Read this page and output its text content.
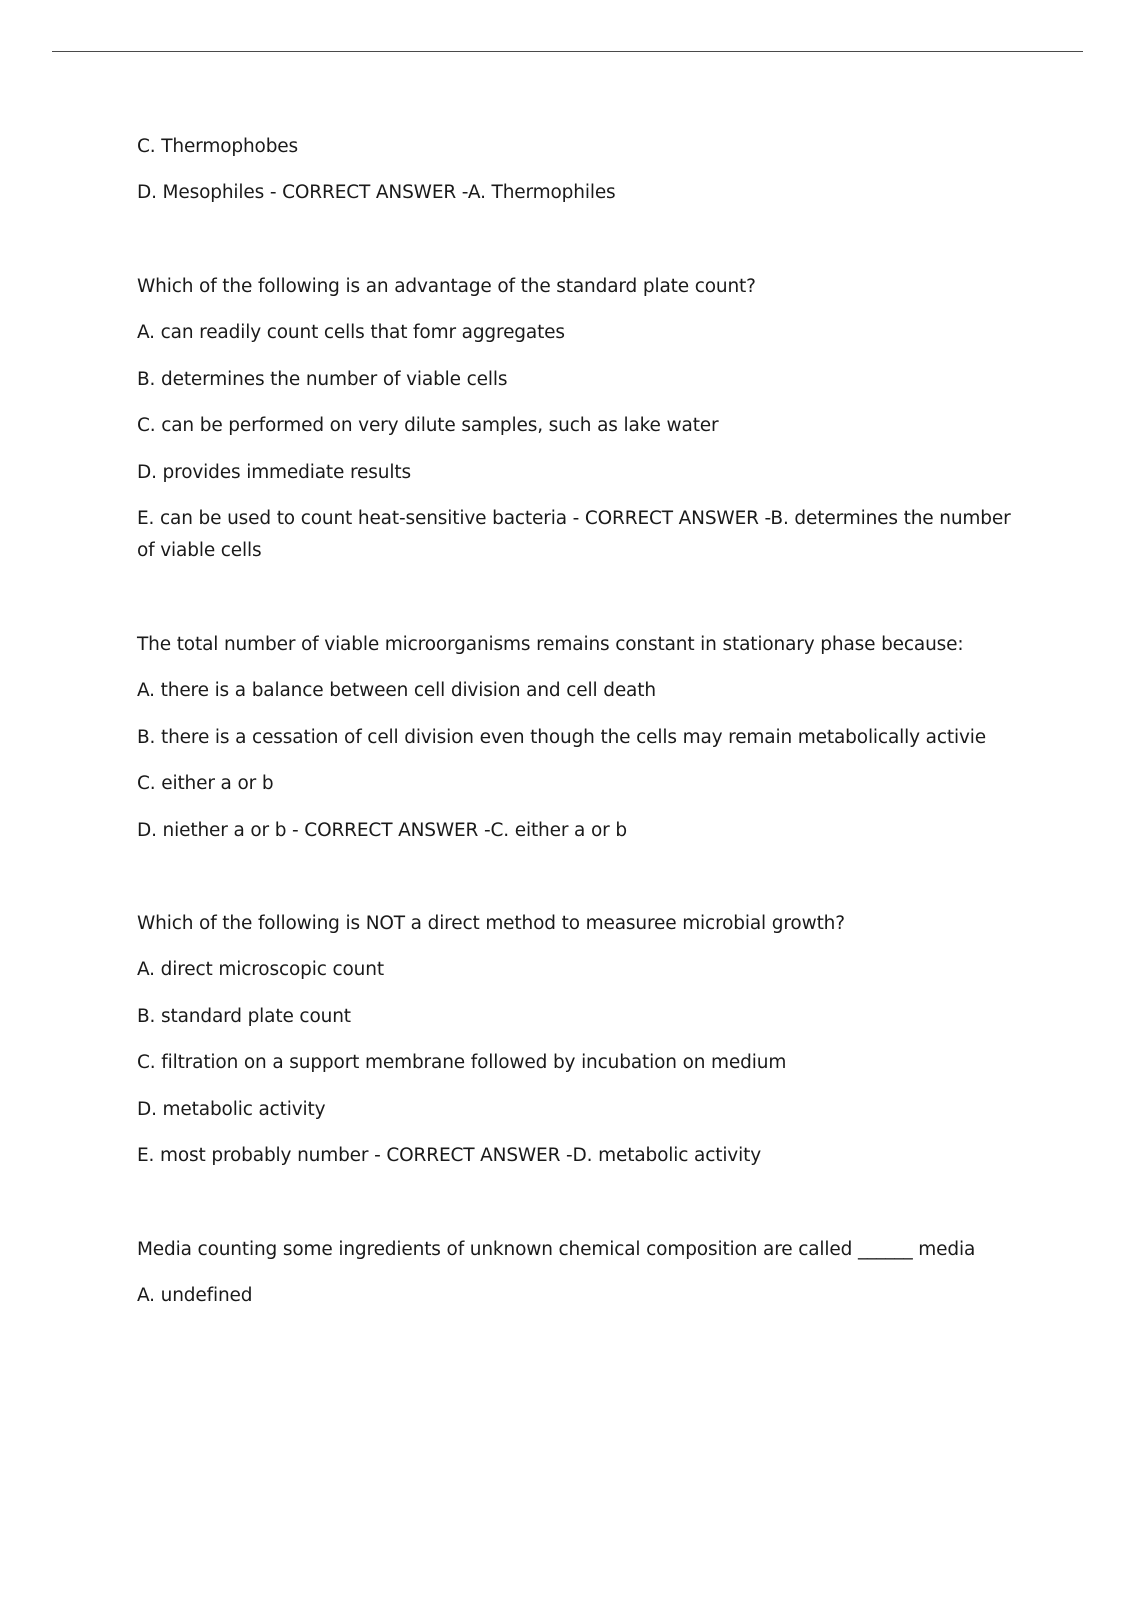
C. Thermophobes
D. Mesophiles - CORRECT ANSWER -A. Thermophiles
Which of the following is an advantage of the standard plate count?
A. can readily count cells that fomr aggregates
B. determines the number of viable cells
C. can be performed on very dilute samples, such as lake water
D. provides immediate results
E. can be used to count heat-sensitive bacteria - CORRECT ANSWER -B. determines the number of viable cells
The total number of viable microorganisms remains constant in stationary phase because:
A. there is a balance between cell division and cell death
B. there is a cessation of cell division even though the cells may remain metabolically activie
C. either a or b
D. niether a or b - CORRECT ANSWER -C. either a or b
Which of the following is NOT a direct method to measuree microbial growth?
A. direct microscopic count
B. standard plate count
C. filtration on a support membrane followed by incubation on medium
D. metabolic activity
E. most probably number - CORRECT ANSWER -D. metabolic activity
Media counting some ingredients of unknown chemical composition are called ______ media
A. undefined
